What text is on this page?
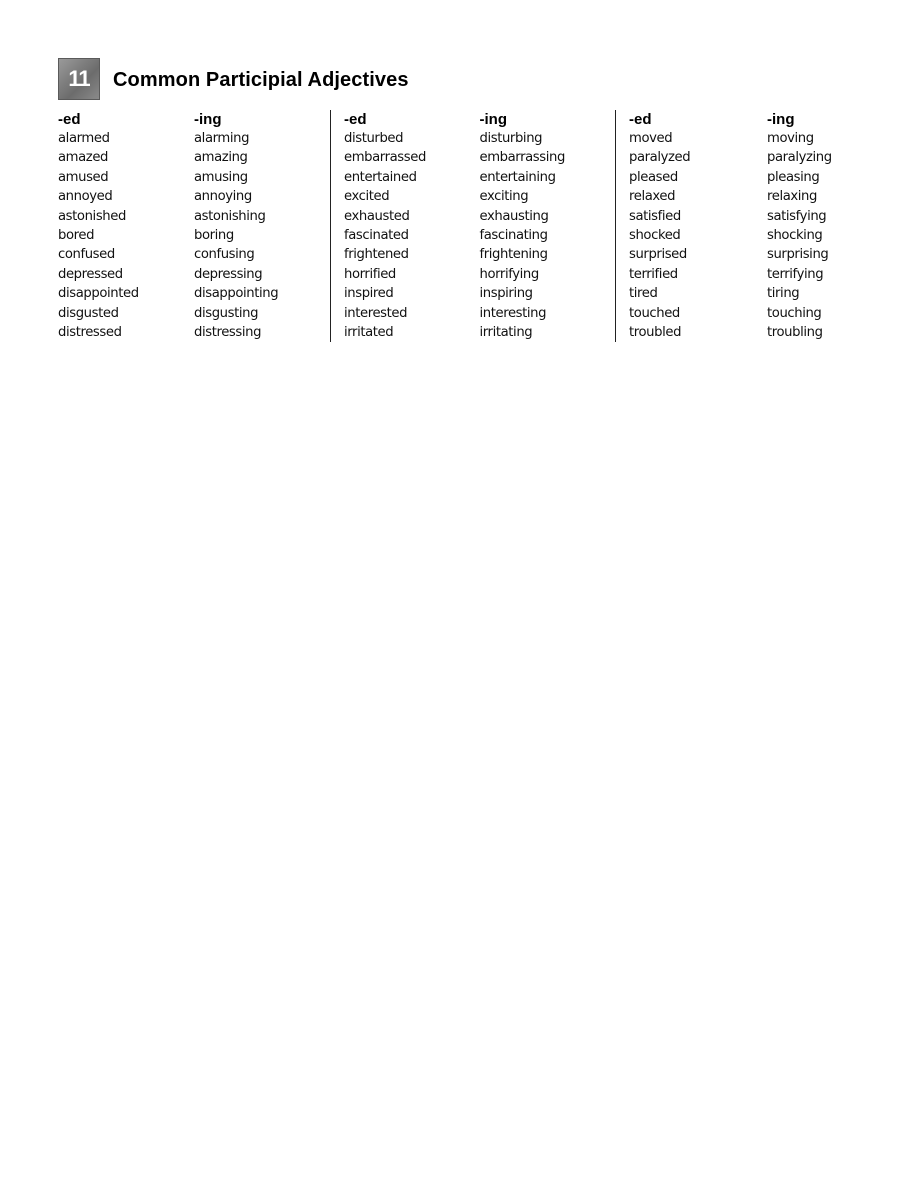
11	Common Participial Adjectives
-ed
alarmed
amazed
amused
annoyed
astonished
bored
confused
depressed
disappointed
disgusted
distressed
-ing
alarming
amazing
amusing
annoying
astonishing
boring
confusing
depressing
disappointing
disgusting
distressing
-ed
disturbed
embarrassed
entertained
excited
exhausted
fascinated
frightened
horrified
inspired
interested
irritated
-ing
disturbing
embarrassing
entertaining
exciting
exhausting
fascinating
frightening
horrifying
inspiring
interesting
irritating
-ed
moved
paralyzed
pleased
relaxed
satisfied
shocked
surprised
terrified
tired
touched
troubled
-ing
moving
paralyzing
pleasing
relaxing
satisfying
shocking
surprising
terrifying
tiring
touching
troubling
